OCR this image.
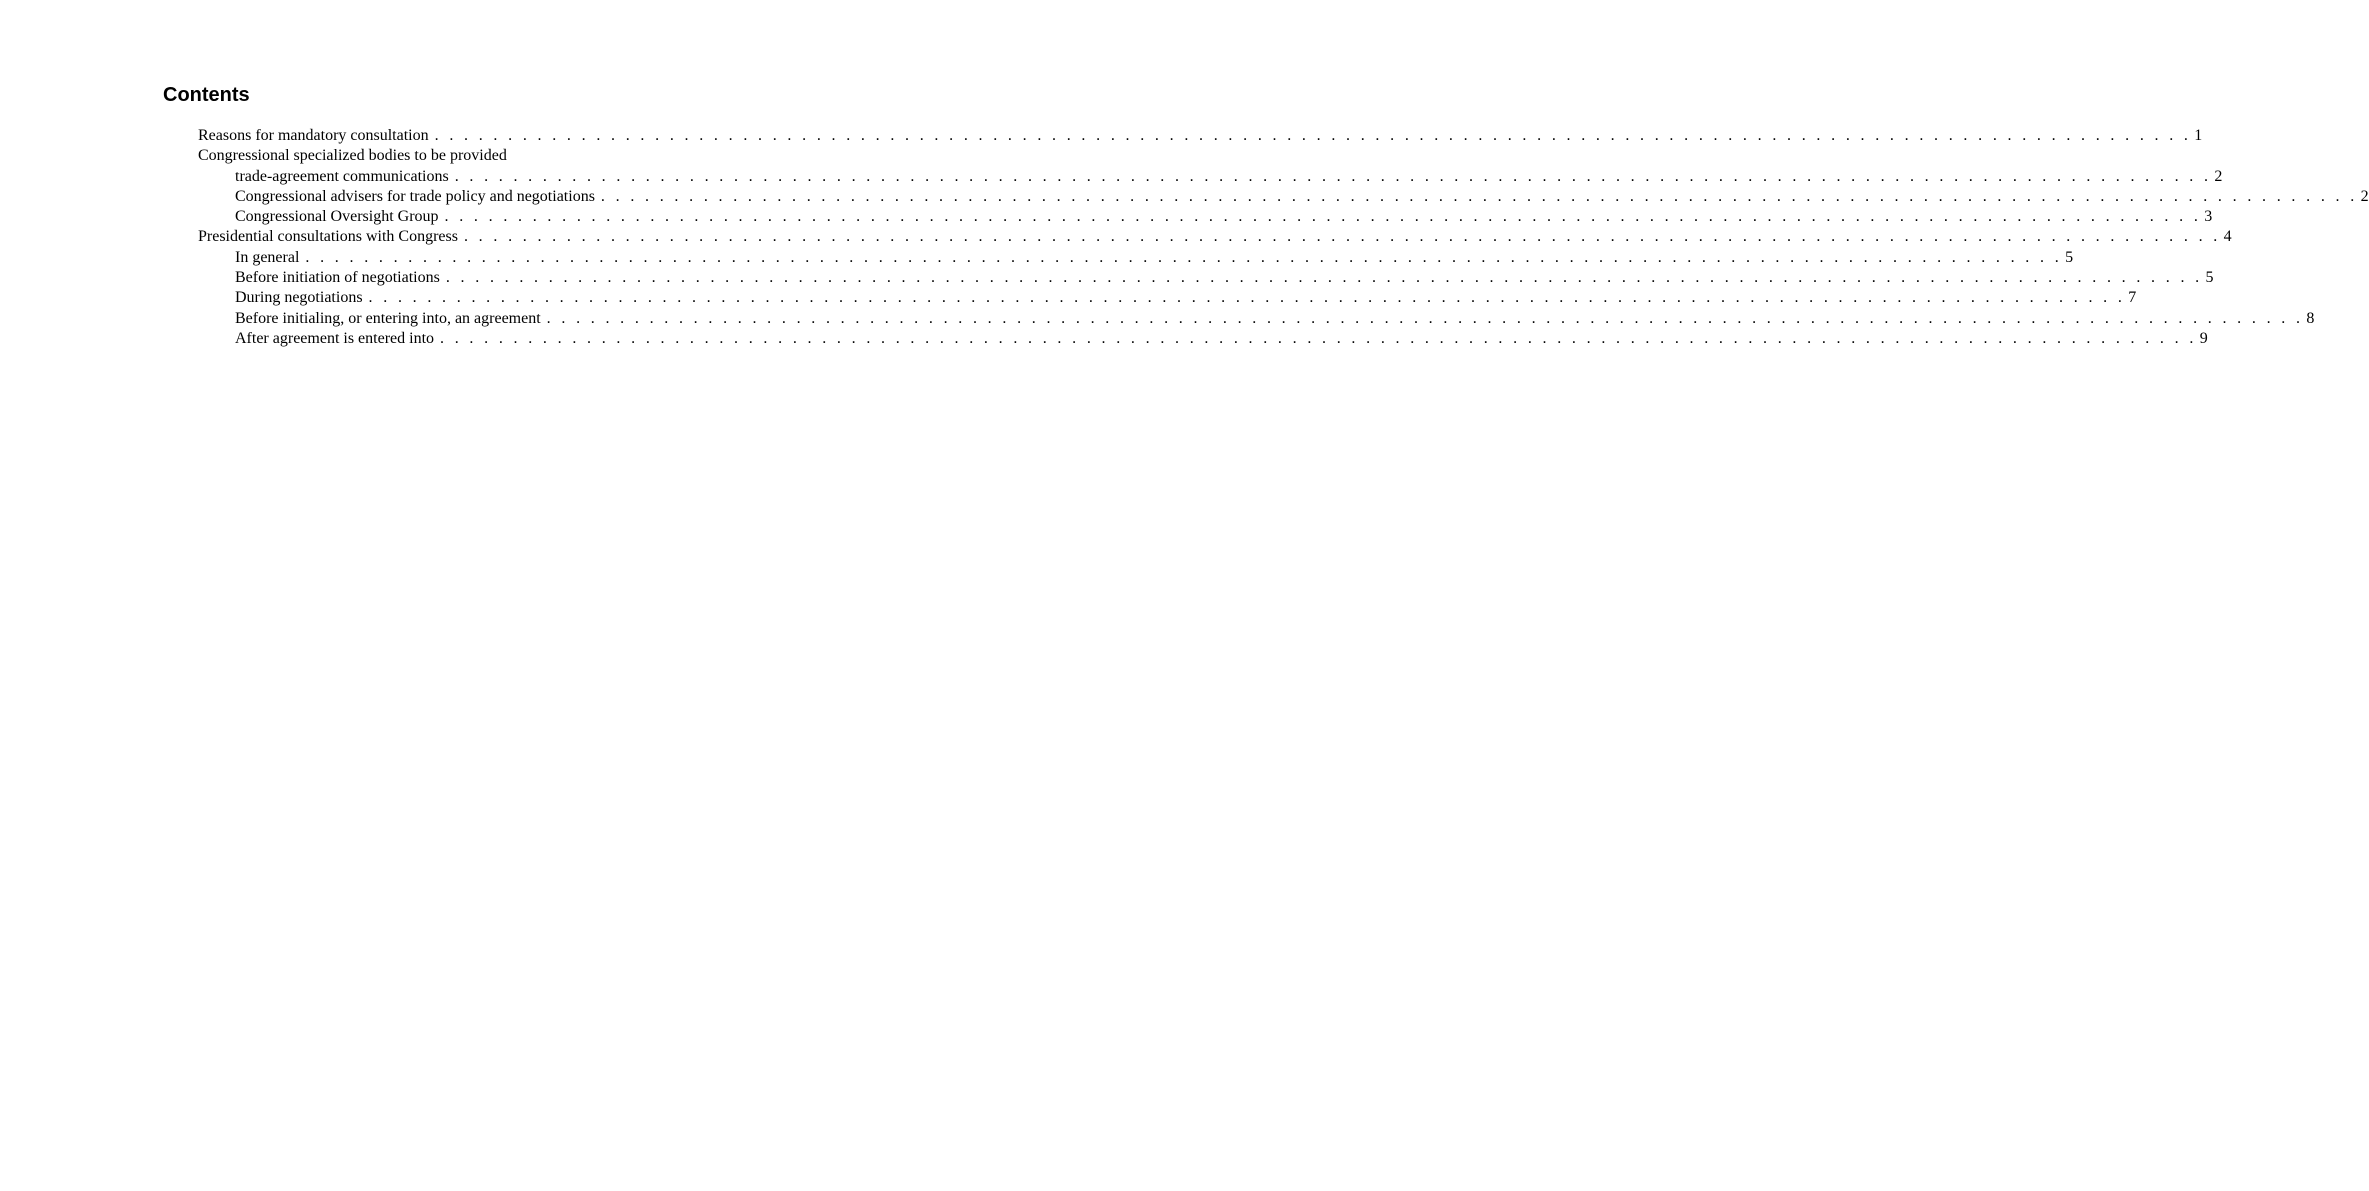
Contents
Reasons for mandatory consultation . . . . . . . . . . . . . . . . . . . . . . . . . . . . . . . . . . . . . . . . . . . . . . . . . . . . . . . . . . . . . . . . . . . . . . . . . . . . . . . . . . . . . . . . . . . . . . . . . . . . . . . . . . . . . . . . . . . . . . . . 1
Congressional specialized bodies to be provided
trade-agreement communications . . . . . . . . . . . . . . . . . . . . . . . . . . . . . . . . . . . . . . . . . . . . . . . . . . . . . . . . . . . . . . . . . . . . . . . . . . . . . . . . . . . . . . . . . . . . . . . . . . . . . . . . . . . . . . . . . . . . . . . . 2
Congressional advisers for trade policy and negotiations . . . . . . . . . . . . . . . . . . . . . . . . . . . . . . . . . . . . . . . . . . . . . . . . . . . . . . . . . . . . . . . . . . . . . . . . . . . . . . . . . . . . . . . . . . . . . . . . . . . . . . . . . . . . . . . . . . . . . . . . 2
Congressional Oversight Group . . . . . . . . . . . . . . . . . . . . . . . . . . . . . . . . . . . . . . . . . . . . . . . . . . . . . . . . . . . . . . . . . . . . . . . . . . . . . . . . . . . . . . . . . . . . . . . . . . . . . . . . . . . . . . . . . . . . . . . . 3
Presidential consultations with Congress . . . . . . . . . . . . . . . . . . . . . . . . . . . . . . . . . . . . . . . . . . . . . . . . . . . . . . . . . . . . . . . . . . . . . . . . . . . . . . . . . . . . . . . . . . . . . . . . . . . . . . . . . . . . . . . . . . . . . . . . 4
In general . . . . . . . . . . . . . . . . . . . . . . . . . . . . . . . . . . . . . . . . . . . . . . . . . . . . . . . . . . . . . . . . . . . . . . . . . . . . . . . . . . . . . . . . . . . . . . . . . . . . . . . . . . . . . . . . . . . . . . . . 5
Before initiation of negotiations . . . . . . . . . . . . . . . . . . . . . . . . . . . . . . . . . . . . . . . . . . . . . . . . . . . . . . . . . . . . . . . . . . . . . . . . . . . . . . . . . . . . . . . . . . . . . . . . . . . . . . . . . . . . . . . . . . . . . . . . 5
During negotiations . . . . . . . . . . . . . . . . . . . . . . . . . . . . . . . . . . . . . . . . . . . . . . . . . . . . . . . . . . . . . . . . . . . . . . . . . . . . . . . . . . . . . . . . . . . . . . . . . . . . . . . . . . . . . . . . . . . . . . . . 7
Before initialing, or entering into, an agreement . . . . . . . . . . . . . . . . . . . . . . . . . . . . . . . . . . . . . . . . . . . . . . . . . . . . . . . . . . . . . . . . . . . . . . . . . . . . . . . . . . . . . . . . . . . . . . . . . . . . . . . . . . . . . . . . . . . . . . . . 8
After agreement is entered into . . . . . . . . . . . . . . . . . . . . . . . . . . . . . . . . . . . . . . . . . . . . . . . . . . . . . . . . . . . . . . . . . . . . . . . . . . . . . . . . . . . . . . . . . . . . . . . . . . . . . . . . . . . . . . . . . . . . . . . . 9
